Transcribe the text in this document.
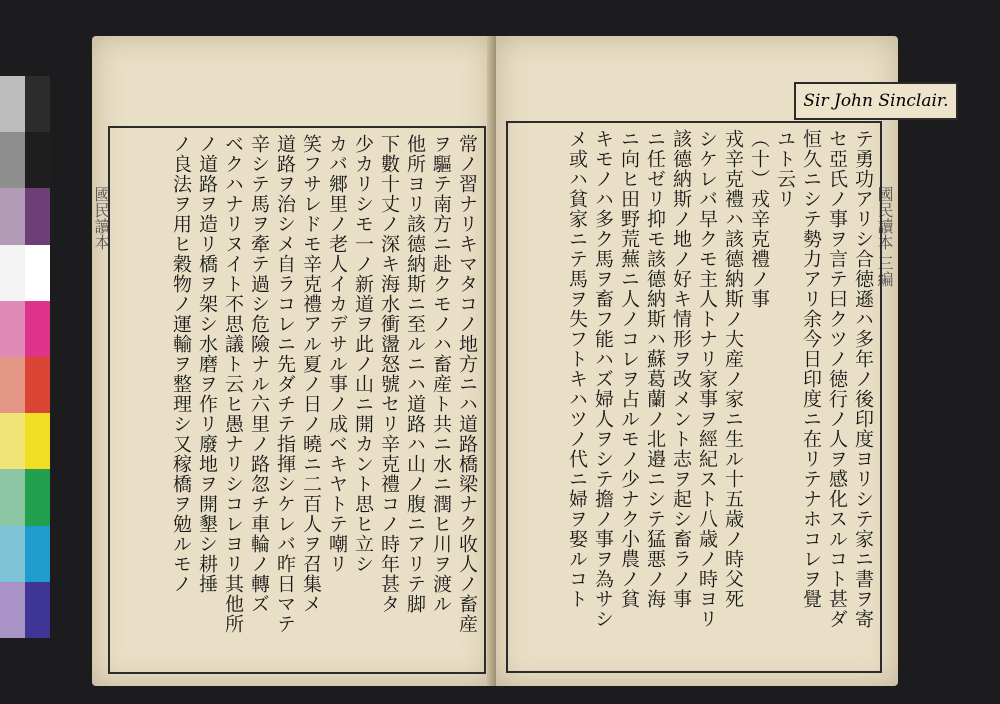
國民讀本	常ノ習ナリキマタコノ地方ニハ道路橋梁ナク收人ノ畜産
ヲ驅テ南方ニ赴クモノハ畜産ト共ニ水ニ潤ヒ川ヲ渡ル
他所ヨリ該德納斯ニ至ルニハ道路ハ山ノ腹ニアリテ脚
下數十丈ノ深キ海水衝盪怒號セリ辛克禮コノ時年甚タ
少カリシモ一ノ新道ヲ此ノ山ニ開カント思ヒ立シ
カバ郷里ノ老人イカデサル事ノ成ベキヤトテ嘲リ
笑フサレドモ辛克禮アル夏ノ日ノ曉ニ二百人ヲ召集メ
道路ヲ治シメ自ラコレニ先ダチテ指揮シケレバ昨日マテ
辛シテ馬ヲ牽テ過シ危險ナル六里ノ路忽チ車輪ノ轉ズ
ベクハナリヌイト不思議ト云ヒ愚ナリシコレヨリ其他所
ノ道路ヲ造リ橋ヲ架シ水磨ヲ作リ廢地ヲ開墾シ耕捶
ノ良法ヲ用ヒ穀物ノ運輸ヲ整理シ又稼橋ヲ勉ルモノ
Sir John Sinclair.
國民讀本 三編
テ勇功アリシ合徳遜ハ多年ノ後印度ヨリシテ家ニ書ヲ寄
セ亞氏ノ事ヲ言テ曰クツノ徳行ノ人ヲ感化スルコト甚ダ
恒久ニシテ勢力アリ余今日印度ニ在リテナホコレヲ覺
ユト云リ
（十）戎辛克禮ノ事
戎辛克禮ハ該德納斯ノ大産ノ家ニ生ル十五歳ノ時父死
シケレバ早クモ主人トナリ家事ヲ經紀スト八歳ノ時ヨリ
該德納斯ノ地ノ好キ情形ヲ改メント志ヲ起シ畜ラノ事
ニ任ゼリ抑モ該德納斯ハ蘇葛蘭ノ北邉ニシテ猛悪ノ海
ニ向ヒ田野荒蕪ニ人ノコレヲ占ルモノ少ナク小農ノ貧
キモノハ多ク馬ヲ畜フ能ハズ婦人ヲシテ擔ノ事ヲ為サシ
メ或ハ貧家ニテ馬ヲ失フトキハツノ代ニ婦ヲ娶ルコト
